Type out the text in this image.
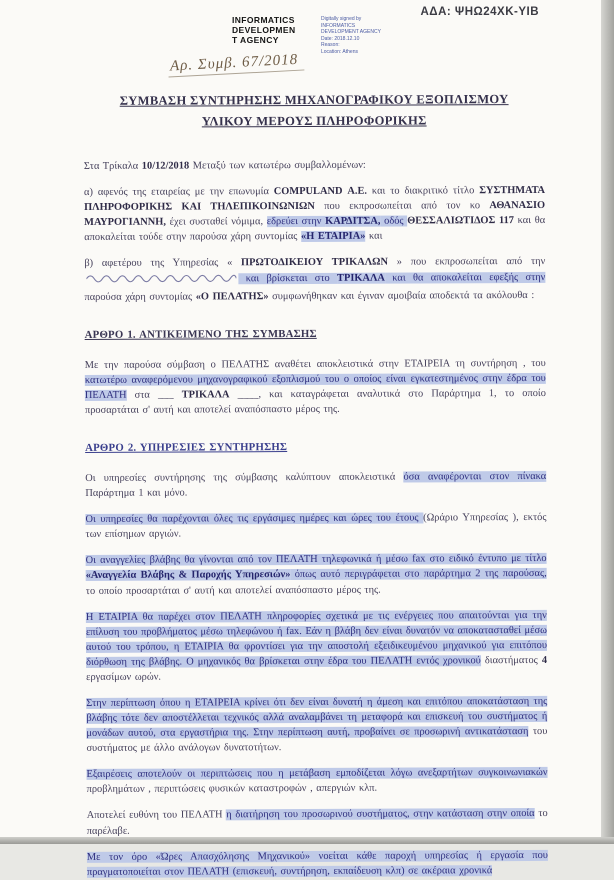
ΑΔΑ: ΨΗΩ24ΧΚ-ΥΙΒ
INFORMATICS
DEVELOPMEN
T AGENCY
Digitally signed by
INFORMATICS
DEVELOPMENT AGENCY
Date: 2018.12.10
Reason:
Location: Athens
Αρ. Συμβ. 67/2018
ΣΥΜΒΑΣΗ ΣΥΝΤΗΡΗΣΗΣ ΜΗΧΑΝΟΓΡΑΦΙΚΟΥ ΕΞΟΠΛΙΣΜΟΥ
ΥΛΙΚΟΥ ΜΕΡΟΥΣ ΠΛΗΡΟΦΟΡΙΚΗΣ

Στα Τρίκαλα 10/12/2018 Μεταξύ των κατωτέρω συμβαλλομένων:

α) αφενός της εταιρείας με την επωνυμία COMPULAND Α.Ε. και το διακριτικό τίτλο ΣΥΣΤΗΜΑΤΑ ΠΛΗΡΟΦΟΡΙΚΗΣ ΚΑΙ ΤΗΛΕΠΙΚΟΙΝΩΝΙΩΝ που εκπροσωπείται από τον κο ΑΘΑΝΑΣΙΟ ΜΑΥΡΟΓΙΑΝΝΗ, έχει συσταθεί νόμιμα, εδρεύει στην ΚΑΡΔΙΤΣΑ, οδός ΘΕΣΣΑΛΙΩΤΙΔΟΣ 117 και θα αποκαλείται τούδε στην παρούσα χάρη συντομίας «Η ΕΤΑΙΡΙΑ» και

β) αφετέρου της Υπηρεσίας « ΠΡΩΤΟΔΙΚΕΙΟΥ ΤΡΙΚΑΛΩΝ » που εκπροσωπείται από την  και βρίσκεται στο ΤΡΙΚΑΛΑ και θα αποκαλείται εφεξής στην παρούσα χάρη συντομίας «Ο ΠΕΛΑΤΗΣ» συμφωνήθηκαν και έγιναν αμοιβαία αποδεκτά τα ακόλουθα :

ΑΡΘΡΟ 1. ΑΝΤΙΚΕΙΜΕΝΟ ΤΗΣ ΣΥΜΒΑΣΗΣ

Με την παρούσα σύμβαση ο ΠΕΛΑΤΗΣ αναθέτει αποκλειστικά στην ΕΤΑΙΡΕΙΑ τη συντήρηση , του κατωτέρω αναφερόμενου μηχανογραφικού εξοπλισμού του ο οποίος είναι εγκατεστημένος στην έδρα του ΠΕΛΑΤΗ στα ___ ΤΡΙΚΑΛΑ ____, και καταγράφεται αναλυτικά στο Παράρτημα 1, το οποίο προσαρτάται σ' αυτή και αποτελεί αναπόσπαστο μέρος της.

ΑΡΘΡΟ 2. ΥΠΗΡΕΣΙΕΣ ΣΥΝΤΗΡΗΣΗΣ

Οι υπηρεσίες συντήρησης της σύμβασης καλύπτουν αποκλειστικά όσα αναφέρονται στον πίνακα Παράρτημα 1 και μόνο.

Οι υπηρεσίες θα παρέχονται όλες τις εργάσιμες ημέρες και ώρες του έτους (Ωράριο Υπηρεσίας ), εκτός των επίσημων αργιών.

Οι αναγγελίες βλάβης θα γίνονται από τον ΠΕΛΑΤΗ τηλεφωνικά ή μέσω fax στο ειδικό έντυπο με τίτλο «Αναγγελία Βλάβης & Παροχής Υπηρεσιών» όπως αυτό περιγράφεται στο παράρτημα 2 της παρούσας, το οποίο προσαρτάται σ' αυτή και αποτελεί αναπόσπαστο μέρος της.

Η ΕΤΑΙΡΙΑ θα παρέχει στον ΠΕΛΑΤΗ πληροφορίες σχετικά με τις ενέργειες που απαιτούνται για την επίλυση του προβλήματος μέσω τηλεφώνου ή fax. Εάν η βλάβη δεν είναι δυνατόν να αποκατασταθεί μέσω αυτού του τρόπου, η ΕΤΑΙΡΙΑ θα φροντίσει για την αποστολή εξειδικευμένου μηχανικού για επιτόπου διόρθωση της βλάβης. Ο μηχανικός θα βρίσκεται στην έδρα του ΠΕΛΑΤΗ εντός χρονικού διαστήματος 4 εργασίμων ωρών.

Στην περίπτωση όπου η ΕΤΑΙΡΕΙΑ κρίνει ότι δεν είναι δυνατή η άμεση και επιτόπου αποκατάσταση της βλάβης τότε δεν αποστέλλεται τεχνικός αλλά αναλαμβάνει τη μεταφορά και επισκευή του συστήματος ή μονάδων αυτού, στα εργαστήρια της. Στην περίπτωση αυτή, προβαίνει σε προσωρινή αντικατάσταση του συστήματος με άλλο ανάλογων δυνατοτήτων.

Εξαιρέσεις αποτελούν οι περιπτώσεις που η μετάβαση εμποδίζεται λόγω ανεξαρτήτων συγκοινωνιακών προβλημάτων , περιπτώσεις φυσικών καταστροφών , απεργιών κλπ.

Αποτελεί ευθύνη του ΠΕΛΑΤΗ η διατήρηση του προσωρινού συστήματος, στην κατάσταση στην οποία το παρέλαβε.

Με τον όρο «Ώρες Απασχόλησης Μηχανικού» νοείται κάθε παροχή υπηρεσίας ή εργασία που πραγματοποιείται στον ΠΕΛΑΤΗ (επισκευή, συντήρηση, εκπαίδευση κλπ) σε ακέραια χρονικά
